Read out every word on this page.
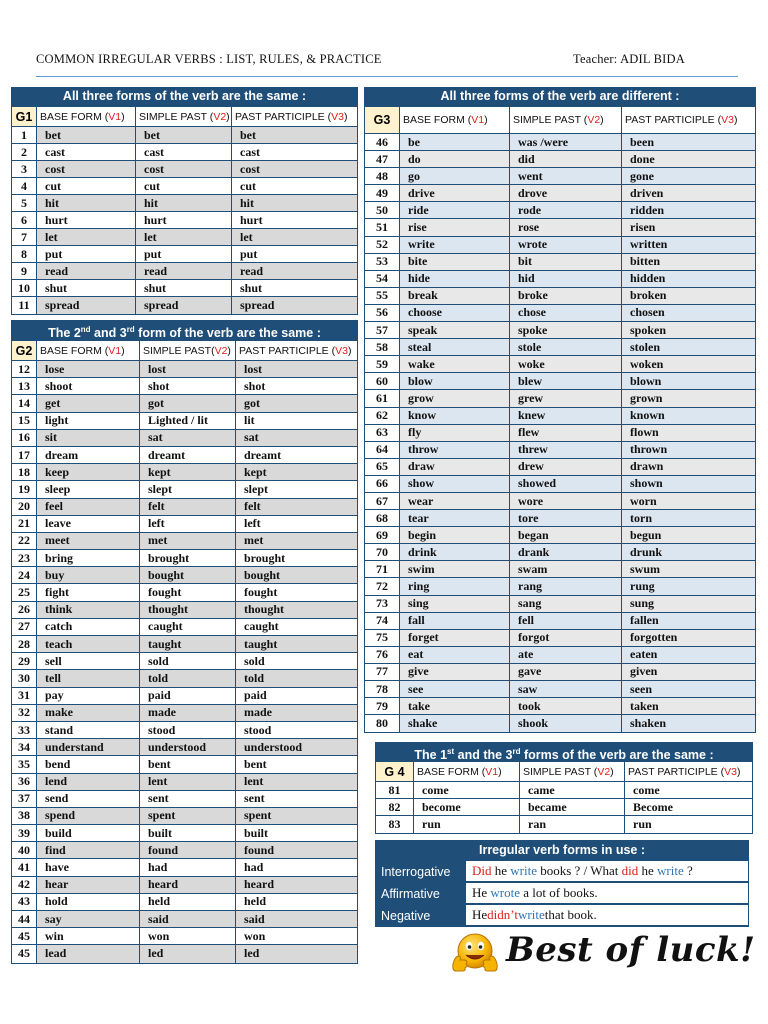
COMMON IRREGULAR VERBS : LIST, RULES, & PRACTICE	Teacher: ADIL BIDA
All three forms of the verb are the same :
G1 BASE FORM ( V1 ) SIMPLE PAST ( V2 ) PAST PARTICIPLE ( V3 )
1	bet	bet	bet
2	cast	cast	cast
3	cost	cost	cost
4	cut	cut	cut
5	hit	hit	hit
6	hurt	hurt	hurt
7	let	let	let
8	put	put	put
9	read	read	read
10	shut	shut	shut
11	spread	spread	spread
The 2nd and 3rd form of the verb are the same :
G2 BASE FORM ( V1 ) SIMPLE PAST( V2 ) PAST PARTICIPLE ( V3 )
12	lose	lost	lost
13	shoot	shot	shot
14	get	got	got
15	light	Lighted / lit	lit
16	sit	sat	sat
17	dream	dreamt	dreamt
18	keep	kept	kept
19	sleep	slept	slept
20	feel	felt	felt
21	leave	left	left
22	meet	met	met
23	bring	brought	brought
24	buy	bought	bought
25	fight	fought	fought
26	think	thought	thought
27	catch	caught	caught
28	teach	taught	taught
29	sell	sold	sold
30	tell	told	told
31	pay	paid	paid
32	make	made	made
33	stand	stood	stood
34	understand	understood	understood
35	bend	bent	bent
36	lend	lent	lent
37	send	sent	sent
38	spend	spent	spent
39	build	built	built
40	find	found	found
41	have	had	had
42	hear	heard	heard
43	hold	held	held
44	say	said	said
45	win	won	won
45	lead	led	led
All three forms of the verb are different :
G3	BASE FORM ( V1 ) SIMPLE PAST ( V2 ) PAST PARTICIPLE ( V3 )
46	be	was /were	been
47	do	did	done
48	go	went	gone
49	drive	drove	driven
50	ride	rode	ridden
51	rise	rose	risen
52	write	wrote	written
53	bite	bit	bitten
54	hide	hid	hidden
55	break	broke	broken
56	choose	chose	chosen
57	speak	spoke	spoken
58	steal	stole	stolen
59	wake	woke	woken
60	blow	blew	blown
61	grow	grew	grown
62	know	knew	known
63	fly	flew	flown
64	throw	threw	thrown
65	draw	drew	drawn
66	show	showed	shown
67	wear	wore	worn
68	tear	tore	torn
69	begin	began	begun
70	drink	drank	drunk
71	swim	swam	swum
72	ring	rang	rung
73	sing	sang	sung
74	fall	fell	fallen
75	forget	forgot	forgotten
76	eat	ate	eaten
77	give	gave	given
78	see	saw	seen
79	take	took	taken
80	shake	shook	shaken
The 1st and the 3rd forms of the verb are the same :
G 4	BASE FORM ( V1 ) SIMPLE PAST ( V2 ) PAST PARTICIPLE ( V3 )
81	come	came	come
82	become	became	Become
83	run	ran	run
Irregular verb forms in use :
Interrogative	Did he write books ? / What did he write ?
Affirmative	He wrote a lot of books.
Negative	He didn’t write that book.
Best of luck!
